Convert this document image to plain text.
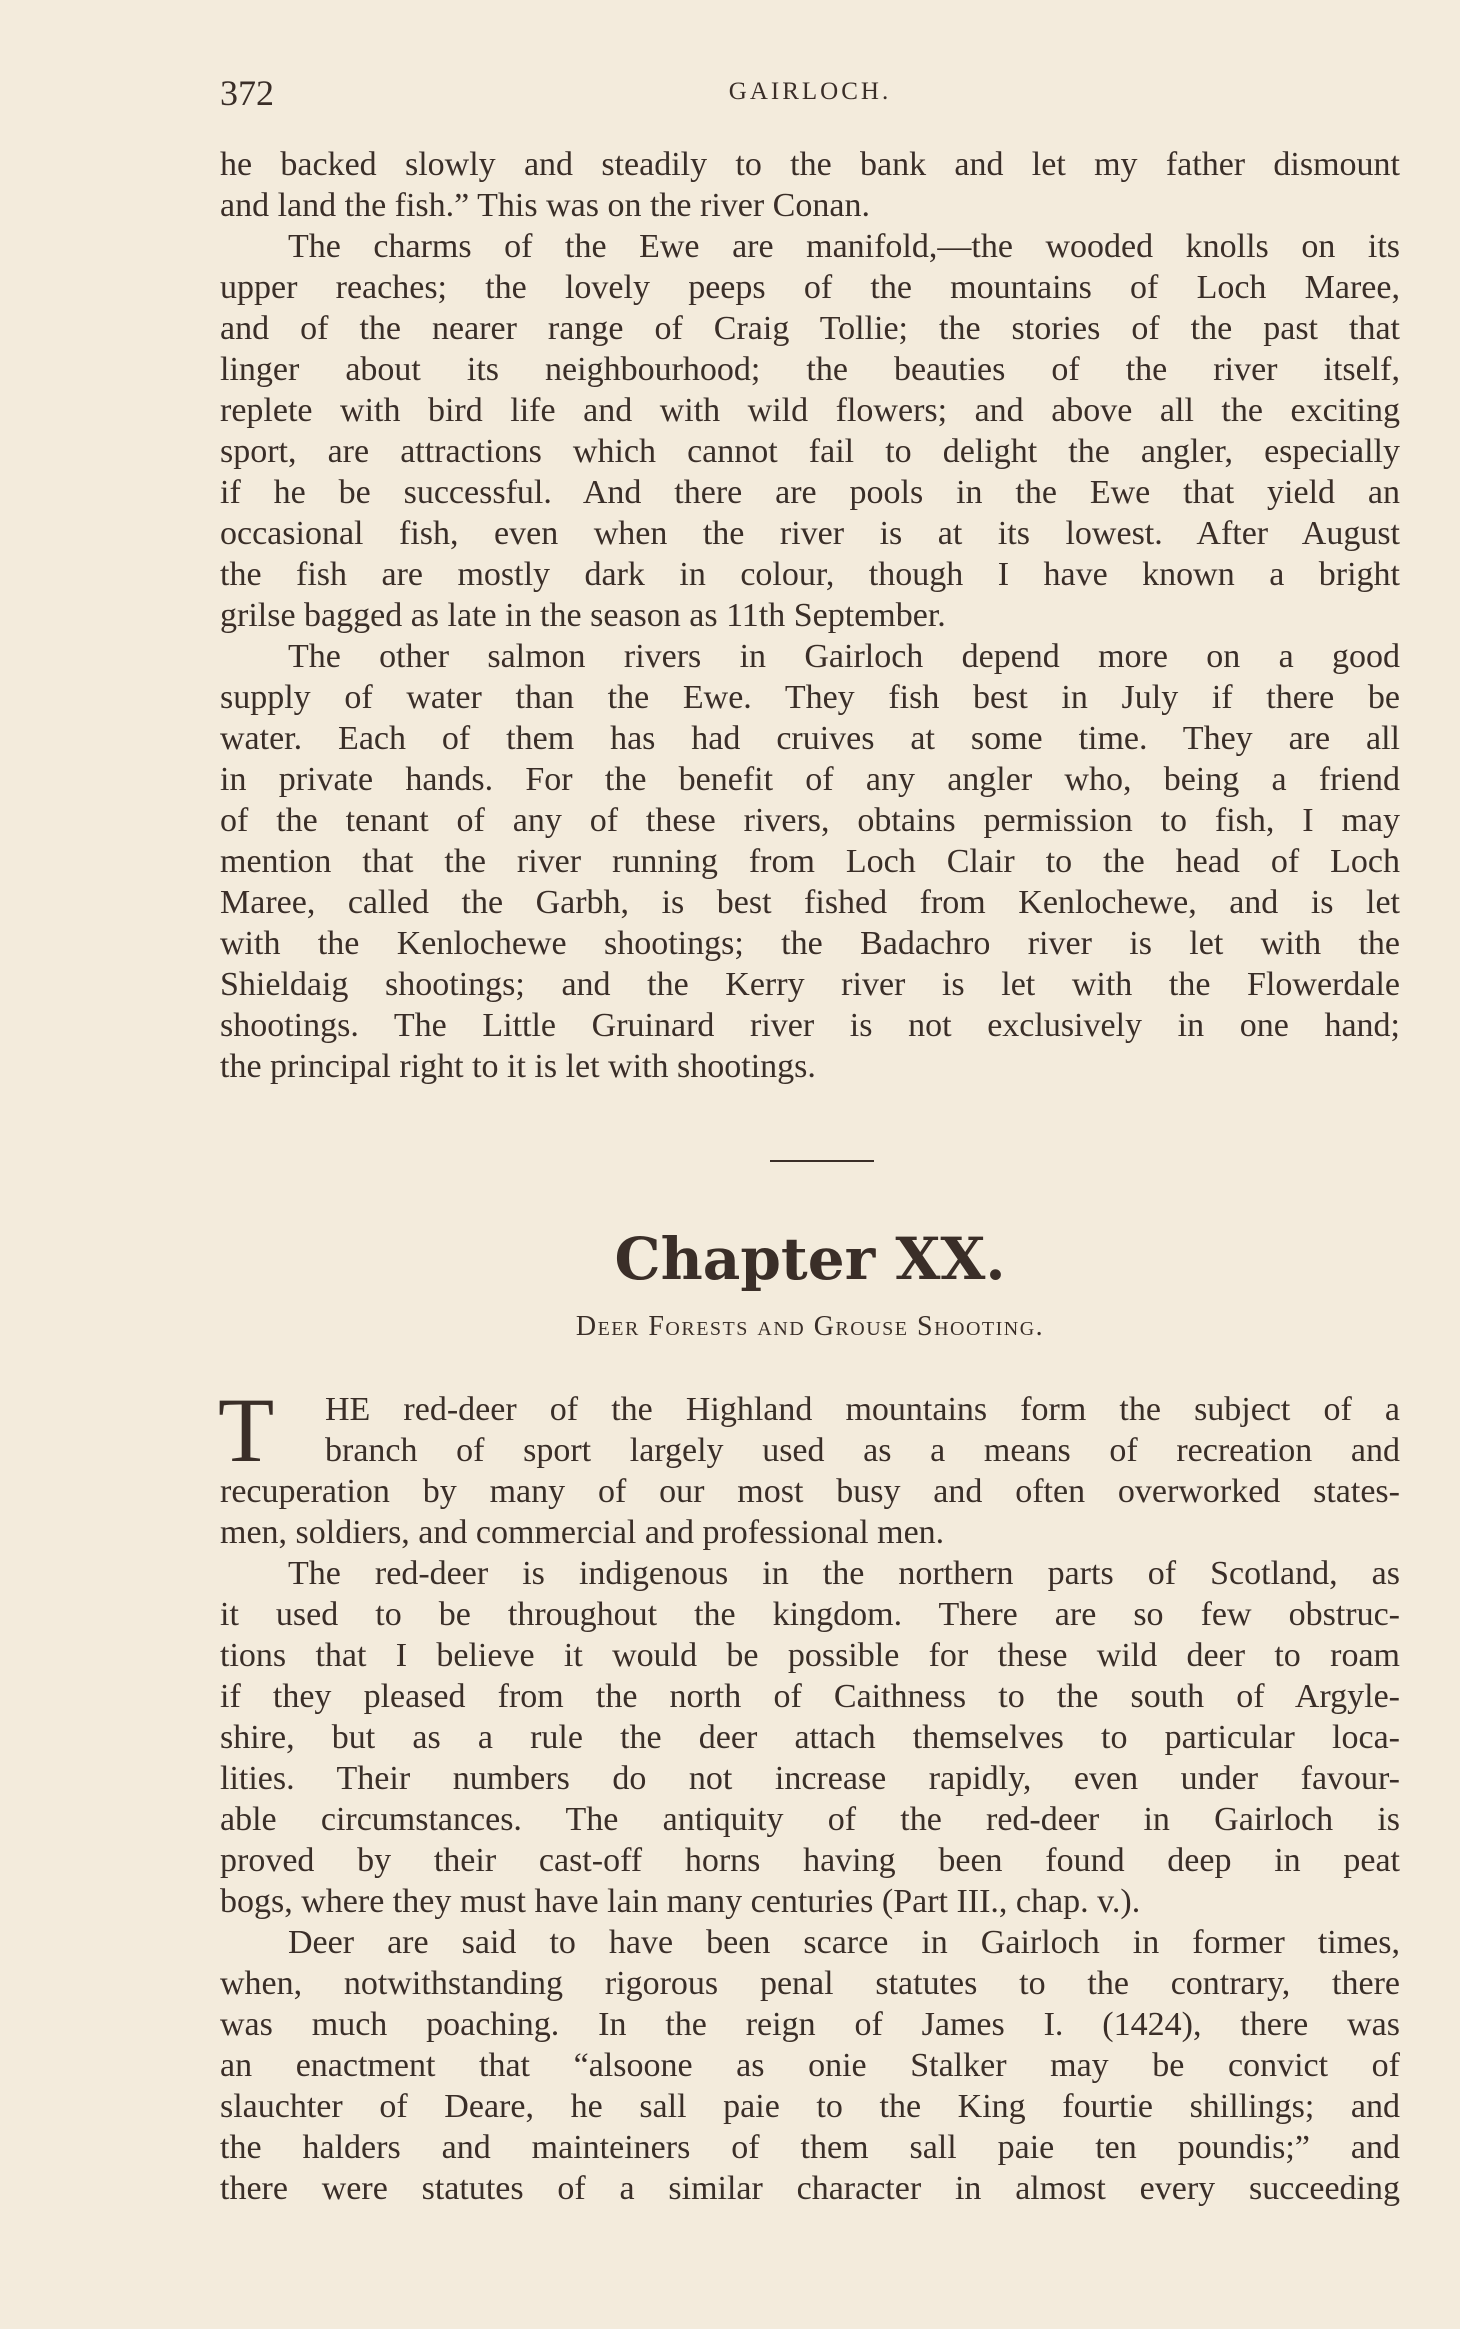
372	GAIRLOCH.
he backed slowly and steadily to the bank and let my father dismount
and land the fish.” This was on the river Conan.
The charms of the Ewe are manifold,—the wooded knolls on its
upper reaches; the lovely peeps of the mountains of Loch Maree,
and of the nearer range of Craig Tollie; the stories of the past that
linger about its neighbourhood; the beauties of the river itself,
replete with bird life and with wild flowers; and above all the exciting
sport, are attractions which cannot fail to delight the angler, especially
if he be successful. And there are pools in the Ewe that yield an
occasional fish, even when the river is at its lowest. After August
the fish are mostly dark in colour, though I have known a bright
grilse bagged as late in the season as 11th September.
The other salmon rivers in Gairloch depend more on a good
supply of water than the Ewe. They fish best in July if there be
water. Each of them has had cruives at some time. They are all
in private hands. For the benefit of any angler who, being a friend
of the tenant of any of these rivers, obtains permission to fish, I may
mention that the river running from Loch Clair to the head of Loch
Maree, called the Garbh, is best fished from Kenlochewe, and is let
with the Kenlochewe shootings; the Badachro river is let with the
Shieldaig shootings; and the Kerry river is let with the Flowerdale
shootings. The Little Gruinard river is not exclusively in one hand;
the principal right to it is let with shootings.
Chapter XX.
Deer Forests and Grouse Shooting.
T	HE red-deer of the Highland mountains form the subject of a
branch of sport largely used as a means of recreation and
recuperation by many of our most busy and often overworked states-
men, soldiers, and commercial and professional men.
The red-deer is indigenous in the northern parts of Scotland, as
it used to be throughout the kingdom. There are so few obstruc-
tions that I believe it would be possible for these wild deer to roam
if they pleased from the north of Caithness to the south of Argyle-
shire, but as a rule the deer attach themselves to particular loca-
lities. Their numbers do not increase rapidly, even under favour-
able circumstances. The antiquity of the red-deer in Gairloch is
proved by their cast-off horns having been found deep in peat
bogs, where they must have lain many centuries (Part III., chap. v.).
Deer are said to have been scarce in Gairloch in former times,
when, notwithstanding rigorous penal statutes to the contrary, there
was much poaching. In the reign of James I. (1424), there was
an enactment that “alsoone as onie Stalker may be convict of
slauchter of Deare, he sall paie to the King fourtie shillings; and
the halders and mainteiners of them sall paie ten poundis;” and
there were statutes of a similar character in almost every succeeding
